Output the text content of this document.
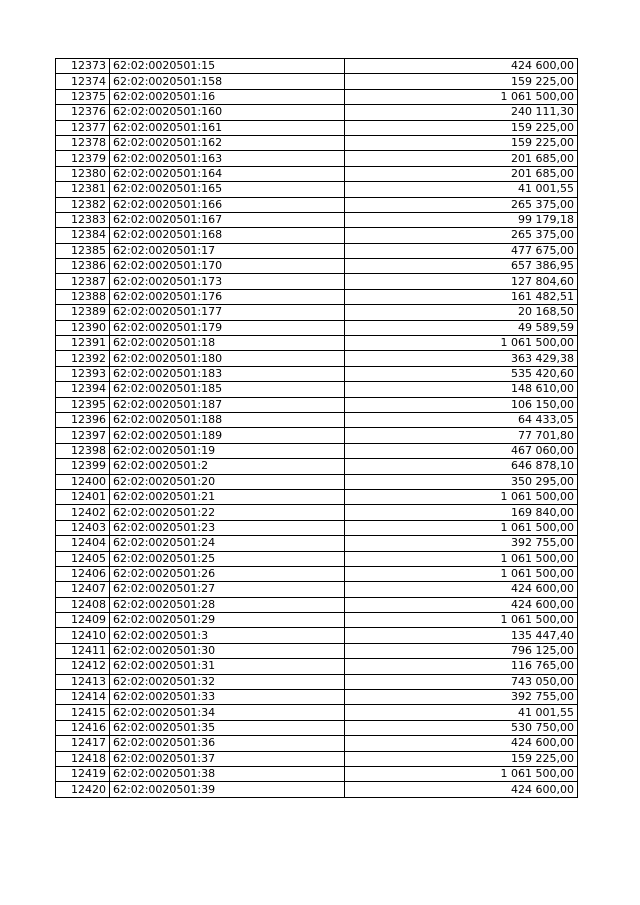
12373	62:02:0020501:15	424 600,00
12374	62:02:0020501:158	159 225,00
12375	62:02:0020501:16	1 061 500,00
12376	62:02:0020501:160	240 111,30
12377	62:02:0020501:161	159 225,00
12378	62:02:0020501:162	159 225,00
12379	62:02:0020501:163	201 685,00
12380	62:02:0020501:164	201 685,00
12381	62:02:0020501:165	41 001,55
12382	62:02:0020501:166	265 375,00
12383	62:02:0020501:167	99 179,18
12384	62:02:0020501:168	265 375,00
12385	62:02:0020501:17	477 675,00
12386	62:02:0020501:170	657 386,95
12387	62:02:0020501:173	127 804,60
12388	62:02:0020501:176	161 482,51
12389	62:02:0020501:177	20 168,50
12390	62:02:0020501:179	49 589,59
12391	62:02:0020501:18	1 061 500,00
12392	62:02:0020501:180	363 429,38
12393	62:02:0020501:183	535 420,60
12394	62:02:0020501:185	148 610,00
12395	62:02:0020501:187	106 150,00
12396	62:02:0020501:188	64 433,05
12397	62:02:0020501:189	77 701,80
12398	62:02:0020501:19	467 060,00
12399	62:02:0020501:2	646 878,10
12400	62:02:0020501:20	350 295,00
12401	62:02:0020501:21	1 061 500,00
12402	62:02:0020501:22	169 840,00
12403	62:02:0020501:23	1 061 500,00
12404	62:02:0020501:24	392 755,00
12405	62:02:0020501:25	1 061 500,00
12406	62:02:0020501:26	1 061 500,00
12407	62:02:0020501:27	424 600,00
12408	62:02:0020501:28	424 600,00
12409	62:02:0020501:29	1 061 500,00
12410	62:02:0020501:3	135 447,40
12411	62:02:0020501:30	796 125,00
12412	62:02:0020501:31	116 765,00
12413	62:02:0020501:32	743 050,00
12414	62:02:0020501:33	392 755,00
12415	62:02:0020501:34	41 001,55
12416	62:02:0020501:35	530 750,00
12417	62:02:0020501:36	424 600,00
12418	62:02:0020501:37	159 225,00
12419	62:02:0020501:38	1 061 500,00
12420	62:02:0020501:39	424 600,00
